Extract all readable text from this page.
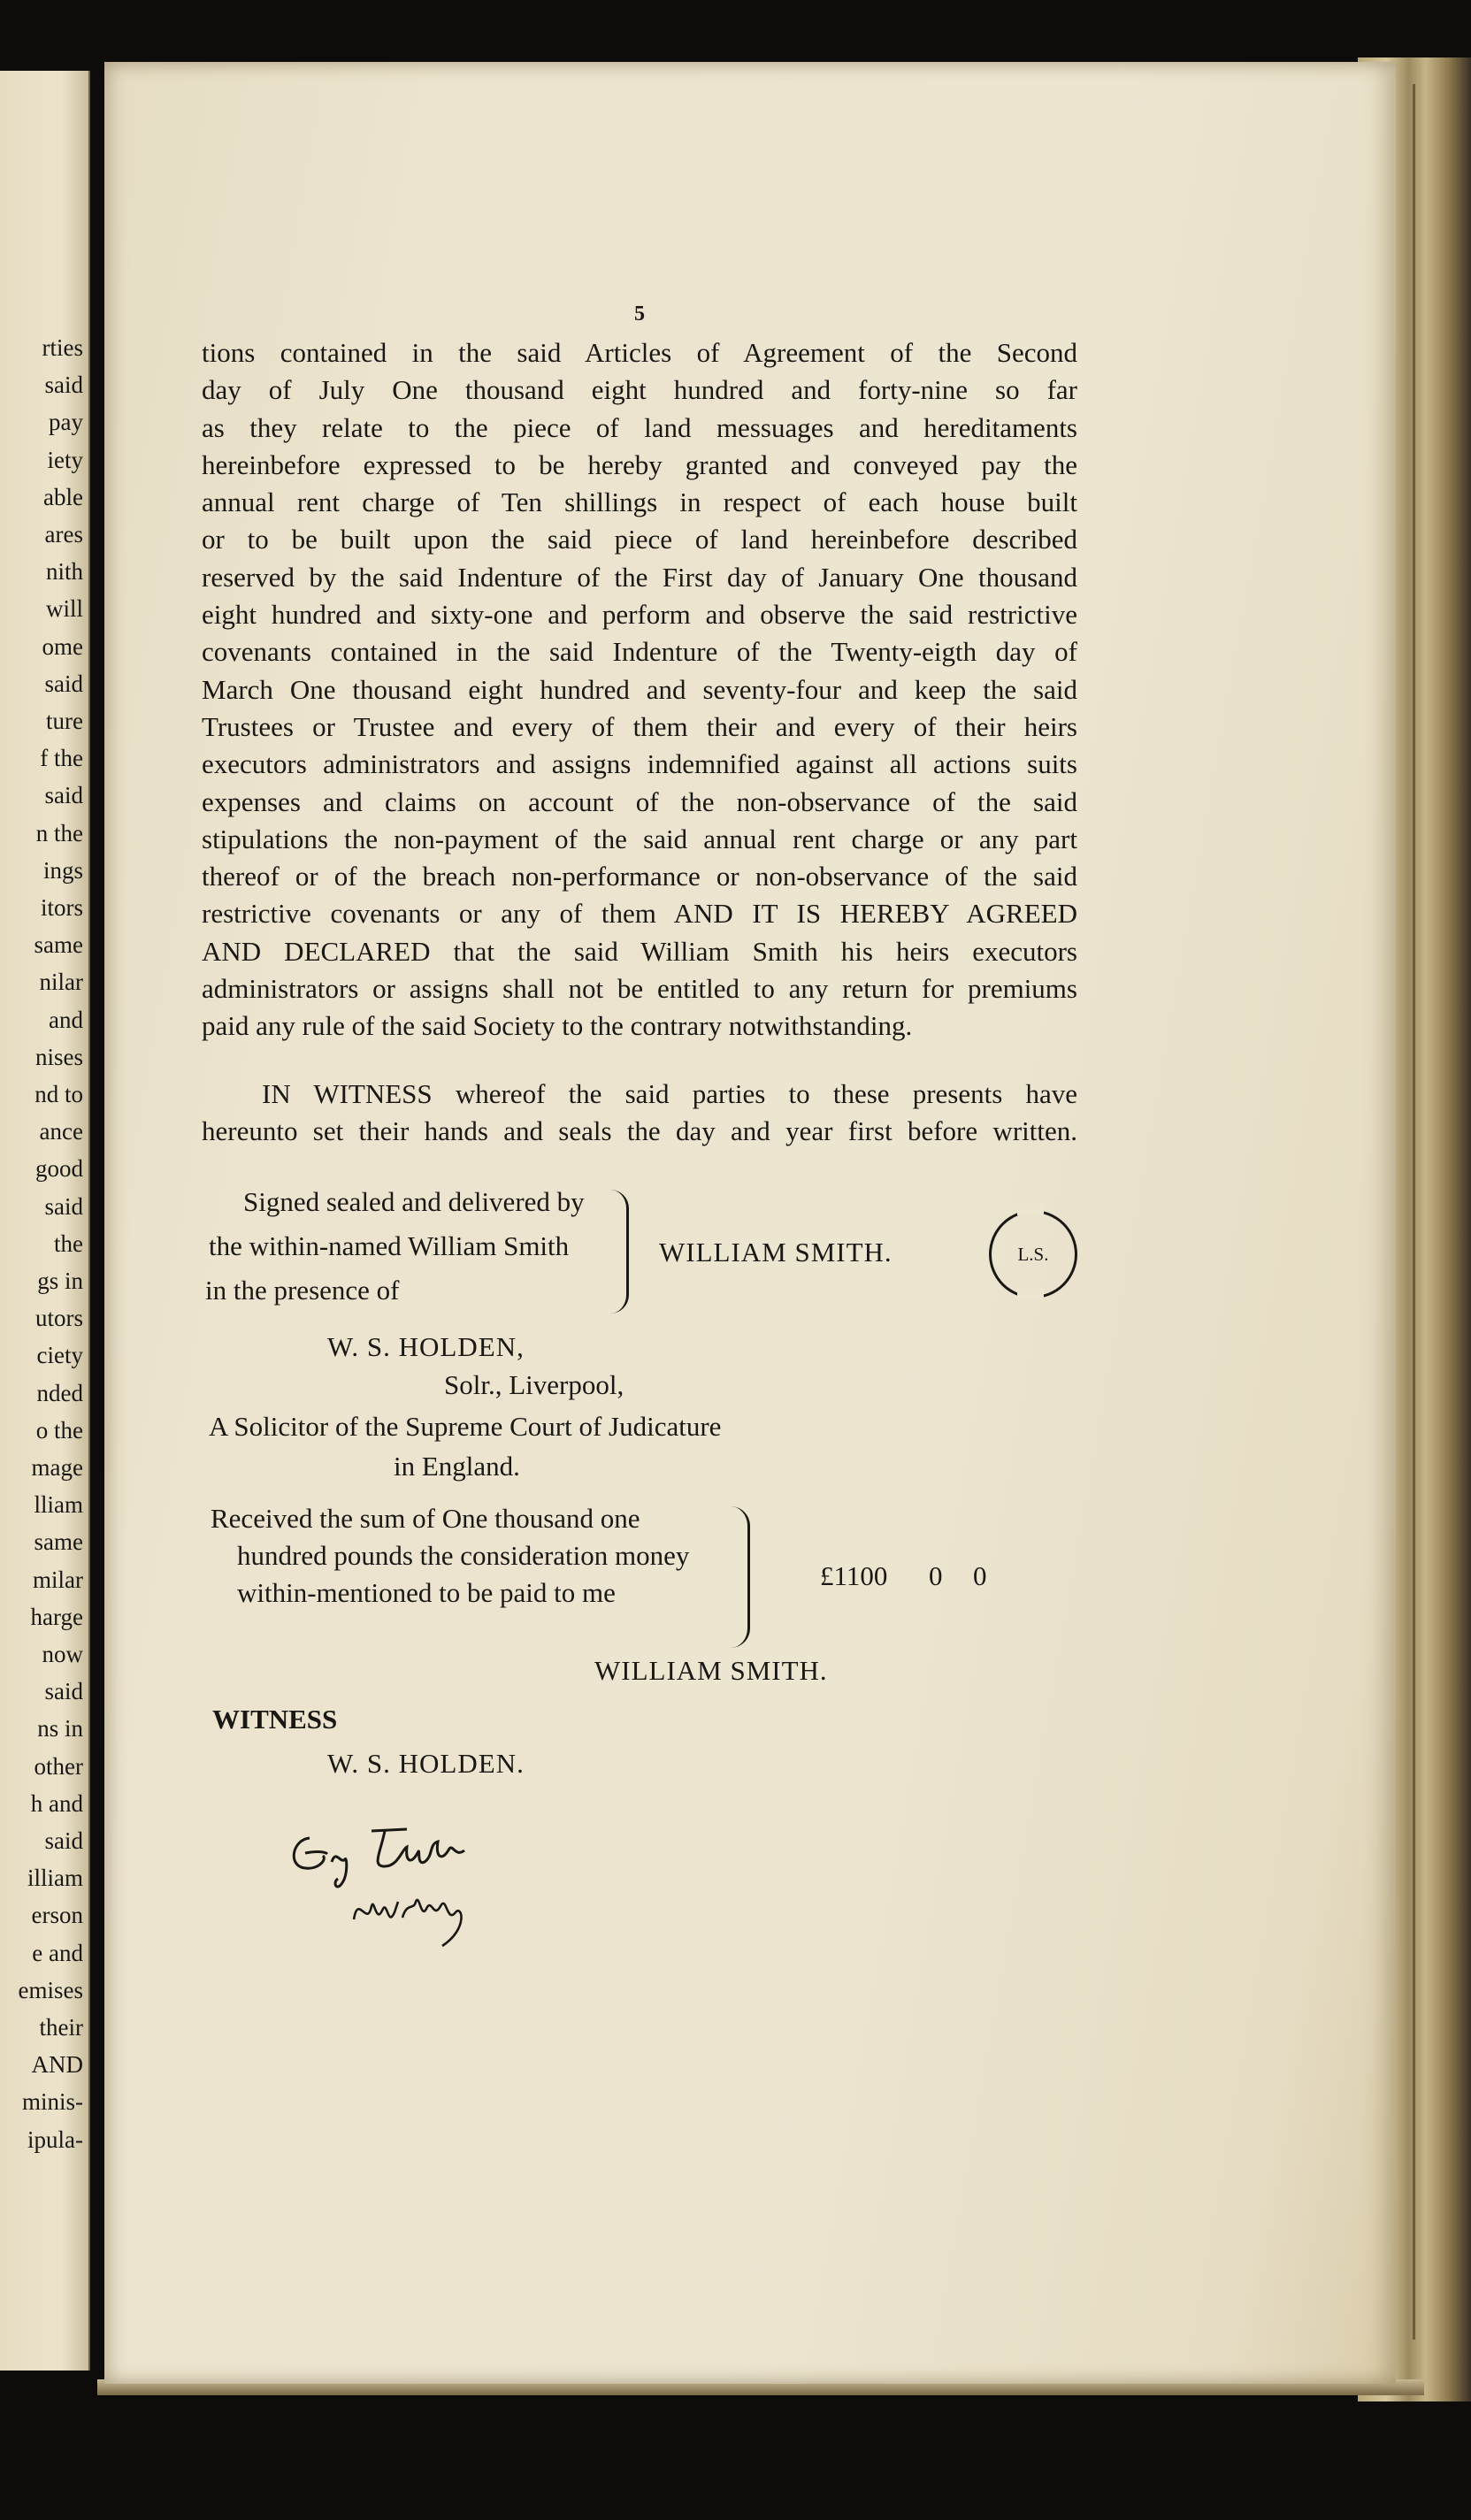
rties
said
pay
iety
able
ares
nith
will
ome
said
ture
f the
said
n the
ings
itors
same
nilar
and
nises
nd to
ance
good
said
the
gs in
utors
ciety
nded
o the
mage
lliam
same
milar
harge
now
said
ns in
other
h and
said
illiam
erson
e and
emises
their
AND
minis-
ipula-
5
tions contained in the said Articles of Agreement of the Second
day of July One thousand eight hundred and forty-nine so far
as they relate to the piece of land messuages and hereditaments
hereinbefore expressed to be hereby granted and conveyed pay the
annual rent charge of Ten shillings in respect of each house built
or to be built upon the said piece of land hereinbefore described
reserved by the said Indenture of the First day of January One thousand
eight hundred and sixty-one and perform and observe the said restrictive
covenants contained in the said Indenture of the Twenty-eigth day of
March One thousand eight hundred and seventy-four and keep the said
Trustees or Trustee and every of them their and every of their heirs
executors administrators and assigns indemnified against all actions suits
expenses and claims on account of the non-observance of the said
stipulations the non-payment of the said annual rent charge or any part
thereof or of the breach non-performance or non-observance of the said
restrictive covenants or any of them AND IT IS HEREBY AGREED
AND DECLARED that the said William Smith his heirs executors
administrators or assigns shall not be entitled to any return for premiums
paid any rule of the said Society to the contrary notwithstanding.
IN WITNESS whereof the said parties to these presents have
hereunto set their hands and seals the day and year first before written.
Signed sealed and delivered by
the within-named William Smith
in the presence of
WILLIAM SMITH.	L.S.
W. S. HOLDEN,
Solr., Liverpool,
A Solicitor of the Supreme Court of Judicature
in England.
Received the sum of One thousand one
hundred pounds the consideration money
within-mentioned to be paid to me
£1100 0 0
WILLIAM SMITH.
WITNESS
W. S. HOLDEN.
